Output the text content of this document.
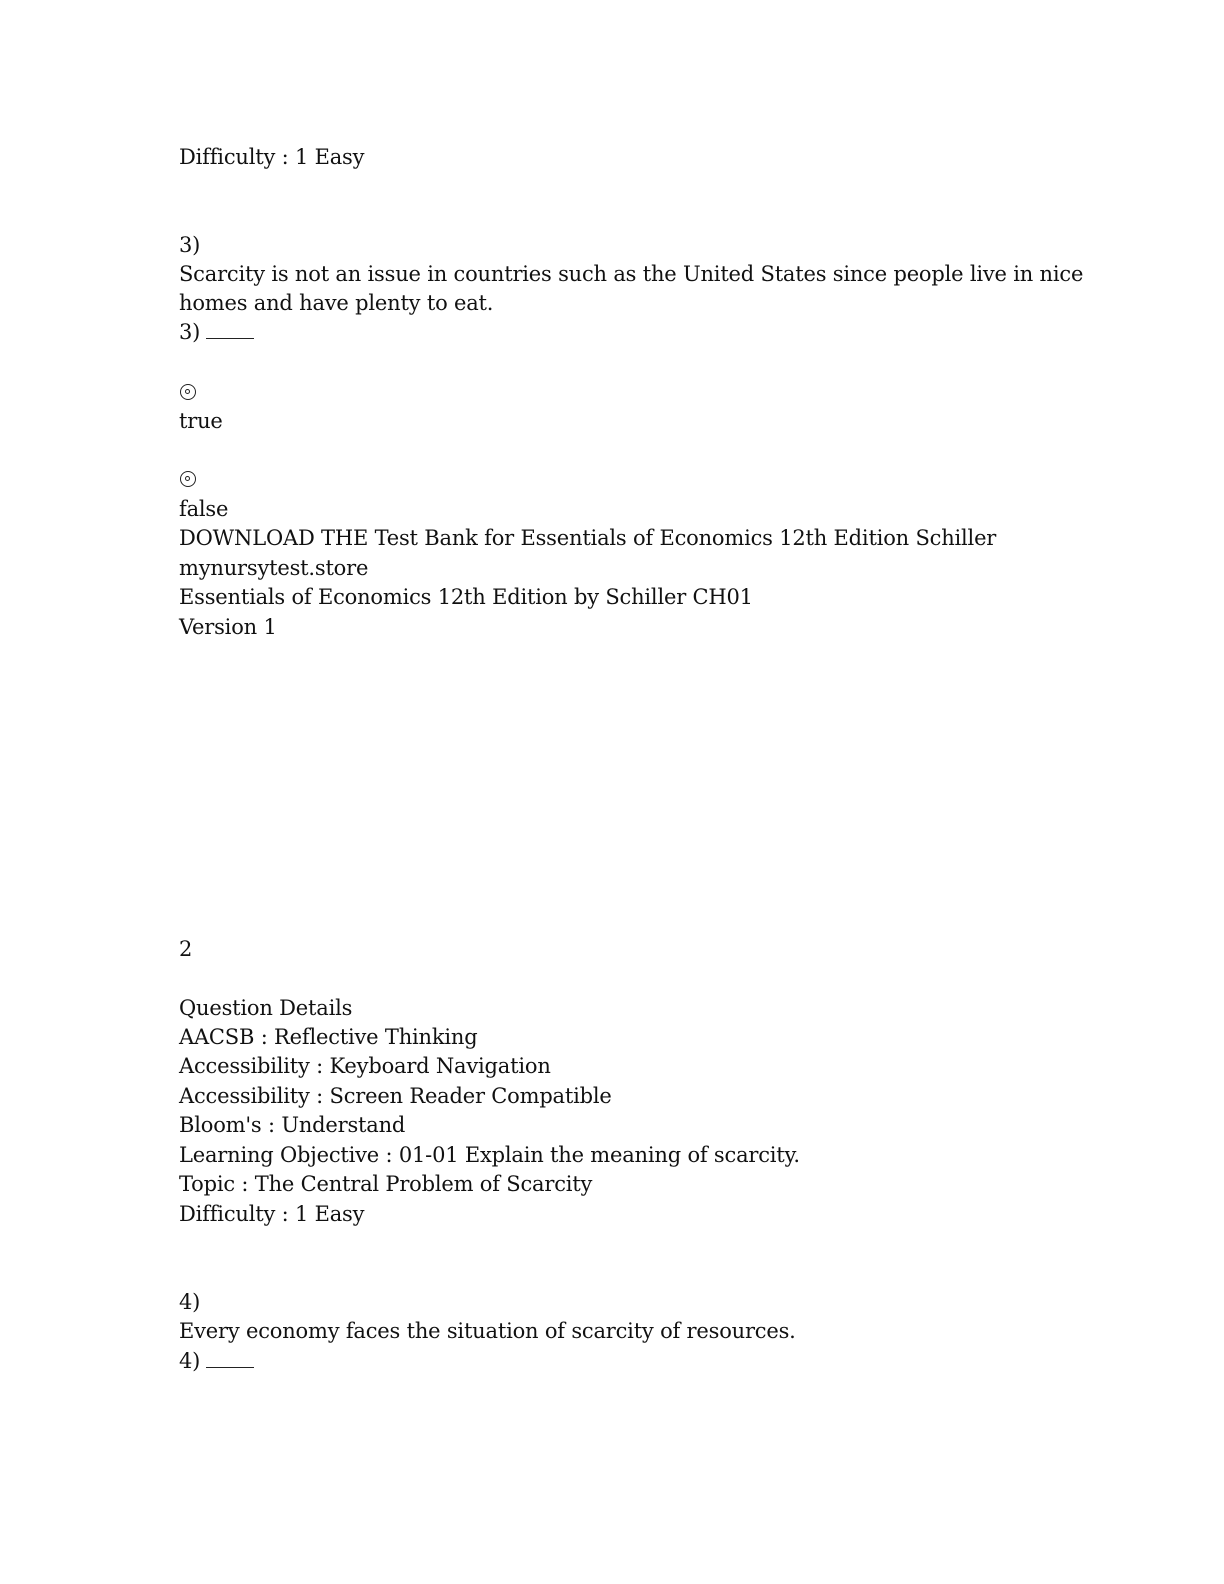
Difficulty : 1 Easy
3)
Scarcity is not an issue in countries such as the United States since people live in nice
homes and have plenty to eat.
3)
true
false
DOWNLOAD THE Test Bank for Essentials of Economics 12th Edition Schiller
mynursytest.store
Essentials of Economics 12th Edition by Schiller CH01
Version 1
2
Question Details
AACSB : Reflective Thinking
Accessibility : Keyboard Navigation
Accessibility : Screen Reader Compatible
Bloom's : Understand
Learning Objective : 01-01 Explain the meaning of scarcity.
Topic : The Central Problem of Scarcity
Difficulty : 1 Easy
4)
Every economy faces the situation of scarcity of resources.
4)
